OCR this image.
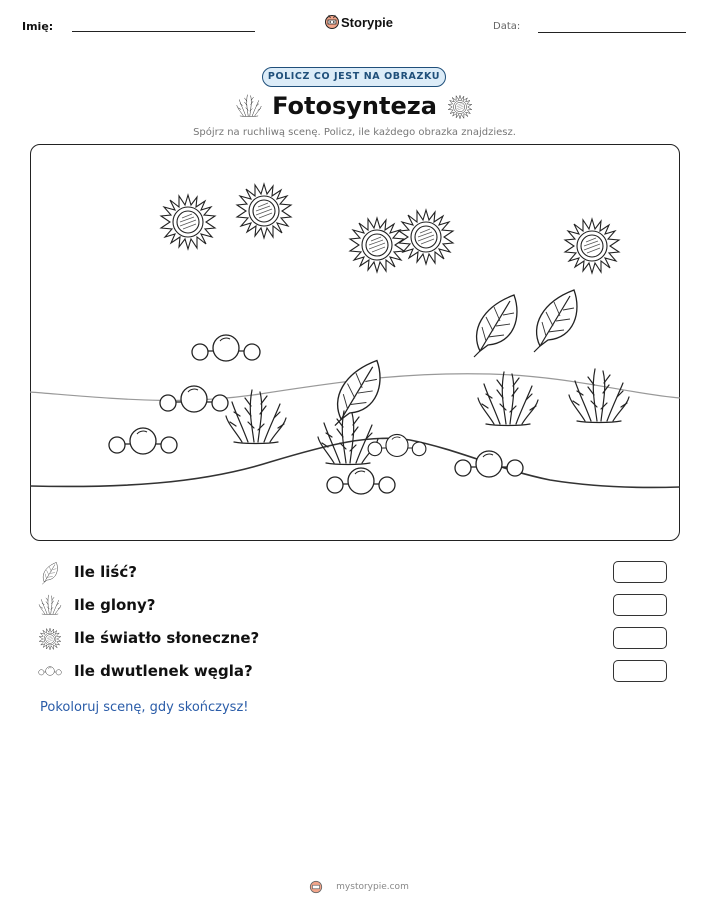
Imię:	Storypie	Data:
POLICZ CO JEST NA OBRAZKU
Fotosynteza
Spójrz na ruchliwą scenę. Policz, ile każdego obrazka znajdziesz.
Ile liść?
Ile glony?
Ile światło słoneczne?
Ile dwutlenek węgla?
Pokoloruj scenę, gdy skończysz!
mystorypie.com
